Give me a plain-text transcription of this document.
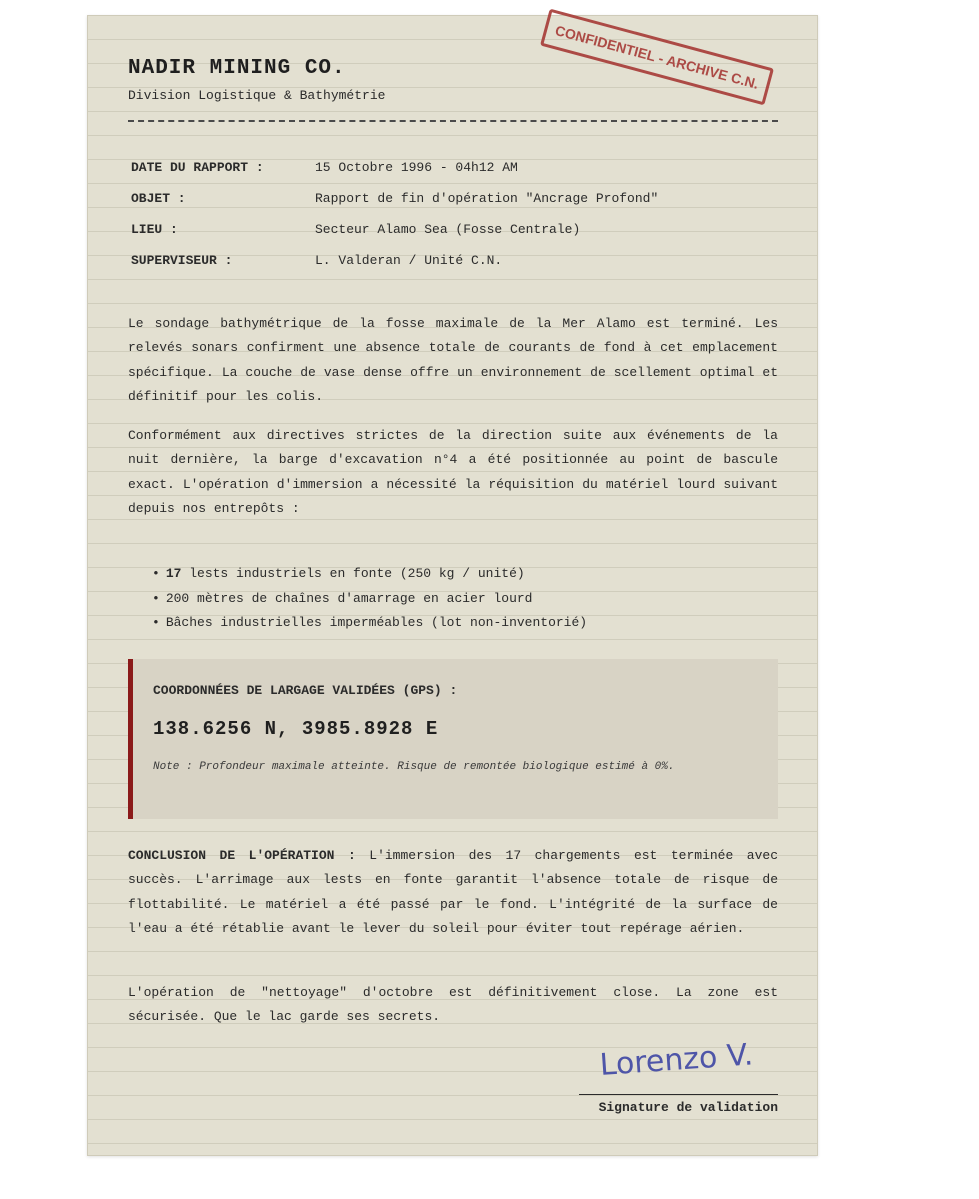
CONFIDENTIEL - ARCHIVE C.N.
NADIR MINING CO.
Division Logistique & Bathymétrie
DATE DU RAPPORT :	15 Octobre 1996 - 04h12 AM
OBJET :	Rapport de fin d'opération "Ancrage Profond"
LIEU :	Secteur Alamo Sea (Fosse Centrale)
SUPERVISEUR :	L. Valderan / Unité C.N.

Le sondage bathymétrique de la fosse maximale de la Mer Alamo est terminé. Les relevés sonars confirment une absence totale de courants de fond à cet emplacement spécifique. La couche de vase dense offre un environnement de scellement optimal et définitif pour les colis.

Conformément aux directives strictes de la direction suite aux événements de la nuit dernière, la barge d'excavation n°4 a été positionnée au point de bascule exact. L'opération d'immersion a nécessité la réquisition du matériel lourd suivant depuis nos entrepôts :

• 17 lests industriels en fonte (250 kg / unité)
• 200 mètres de chaînes d'amarrage en acier lourd
• Bâches industrielles imperméables (lot non-inventorié)
COORDONNÉES DE LARGAGE VALIDÉES (GPS) :
138.6256 N, 3985.8928 E

Note : Profondeur maximale atteinte. Risque de remontée biologique estimé à 0%.

CONCLUSION DE L'OPÉRATION : L'immersion des 17 chargements est terminée avec succès. L'arrimage aux lests en fonte garantit l'absence totale de risque de flottabilité. Le matériel a été passé par le fond. L'intégrité de la surface de l'eau a été rétablie avant le lever du soleil pour éviter tout repérage aérien.

L'opération de "nettoyage" d'octobre est définitivement close. La zone est sécurisée. Que le lac garde ses secrets.

Lorenzo V.
Signature de validation
